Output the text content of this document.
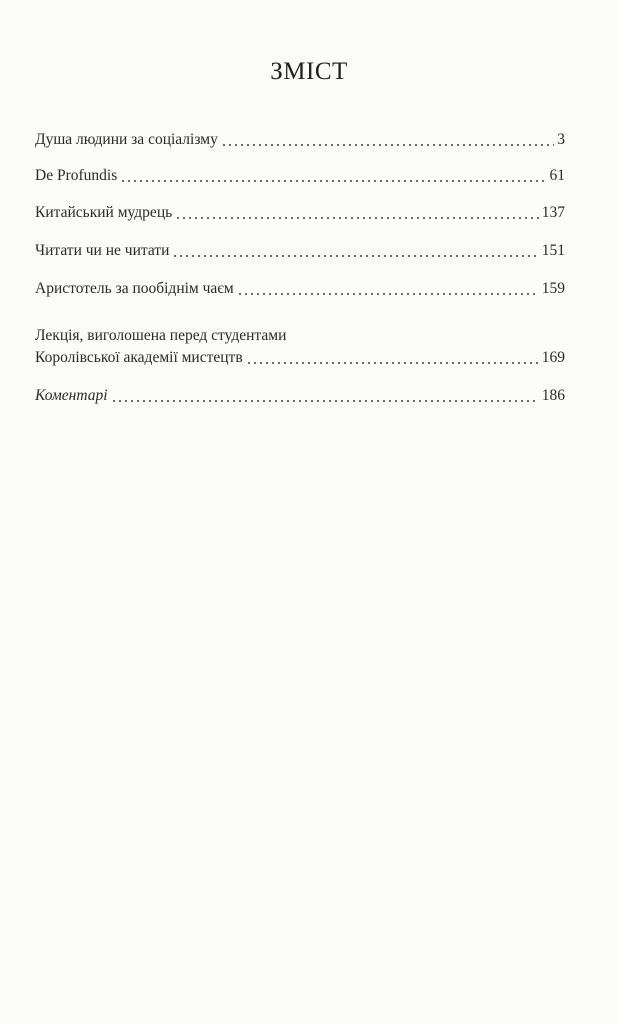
ЗМІСТ
Душа людини за соціалізму	3
De Profundis	61
Китайський мудрець	137
Читати чи не читати	151
Аристотель за пообіднім чаєм	159
Лекція, виголошена перед студентами
Королівської академії мистецтв	169
Коментарі	186
